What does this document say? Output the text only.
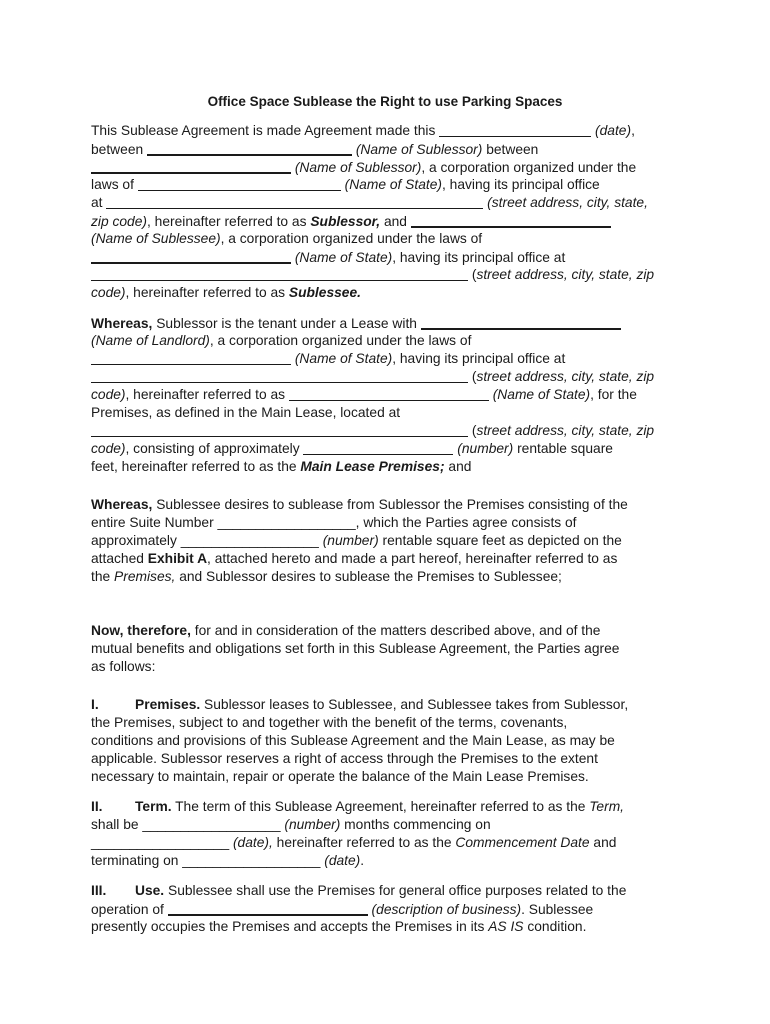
Office Space Sublease the Right to use Parking Spaces
This Sublease Agreement is made Agreement made this	(date),
between	(Name of Sublessor) between
(Name of Sublessor), a corporation organized under the
laws of	(Name of State), having its principal office
at	(street address, city, state,
zip code), hereinafter referred to as Sublessor, and
(Name of Sublessee), a corporation organized under the laws of
(Name of State), having its principal office at
(street address, city, state, zip
code), hereinafter referred to as Sublessee.
Whereas, Sublessor is the tenant under a Lease with
(Name of Landlord), a corporation organized under the laws of
(Name of State), having its principal office at
(street address, city, state, zip
code), hereinafter referred to as	(Name of State), for the
Premises, as defined in the Main Lease, located at
(street address, city, state, zip
code), consisting of approximately	(number) rentable square
feet, hereinafter referred to as the Main Lease Premises; and
Whereas, Sublessee desires to sublease from Sublessor the Premises consisting of the
entire Suite Number __________________, which the Parties agree consists of
approximately __________________ (number) rentable square feet as depicted on the
attached Exhibit A, attached hereto and made a part hereof, hereinafter referred to as
the Premises, and Sublessor desires to sublease the Premises to Sublessee;
Now, therefore, for and in consideration of the matters described above, and of the
mutual benefits and obligations set forth in this Sublease Agreement, the Parties agree
as follows:
I.	Premises. Sublessor leases to Sublessee, and Sublessee takes from Sublessor,
the Premises, subject to and together with the benefit of the terms, covenants,
conditions and provisions of this Sublease Agreement and the Main Lease, as may be
applicable. Sublessor reserves a right of access through the Premises to the extent
necessary to maintain, repair or operate the balance of the Main Lease Premises.
II. Term. The term of this Sublease Agreement, hereinafter referred to as the Term,
shall be __________________ (number) months commencing on
__________________ (date), hereinafter referred to as the Commencement Date and
terminating on __________________ (date).
III. Use. Sublessee shall use the Premises for general office purposes related to the
operation of	(description of business). Sublessee
presently occupies the Premises and accepts the Premises in its AS IS condition.
